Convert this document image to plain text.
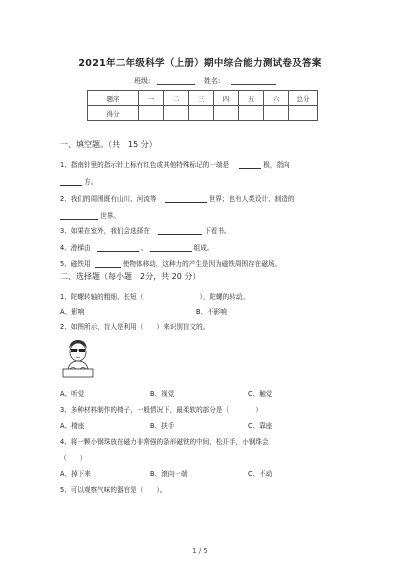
2021年二年级科学（上册）期中综合能力测试卷及答案
班级:	姓名:
题序	一	二	三	四	五	六	总分
得分							
一、填空题。（共　15 分）
1、指南针里的指示针上标有红色或其他特殊标记的一端是	极，指向
方。
2、我们的周围既有山川、河流等	世界；也有人类设计、制造的
世界。
3、如果在室外，我们会选择在	下看书。
4、滑梯由	、	组成。
5、磁铁用	使物体移动，这种力的产生是因为磁铁周围存在磁场。
二、选择题（每小题　2分，共 20 分）
1、陀螺转轴的粗细、长短（	），陀螺的转动。
A、影响	B、不影响
2、如图所示，盲人是利用（　　）来识别盲文的。
A、听觉	B、视觉	C、触觉
3、多种材料制作的椅子，一般情况下，最柔软的部分是（　　　　）
A、椅座	B、扶手	C、靠座
4、将一颗小钢珠放在磁力非常强的条形磁铁的中间，松开手，小钢珠会
（　　）
A、掉下来	B、滚向一端	C、不动
5、可以观察气味的器官是（　　）。
1 / 5
